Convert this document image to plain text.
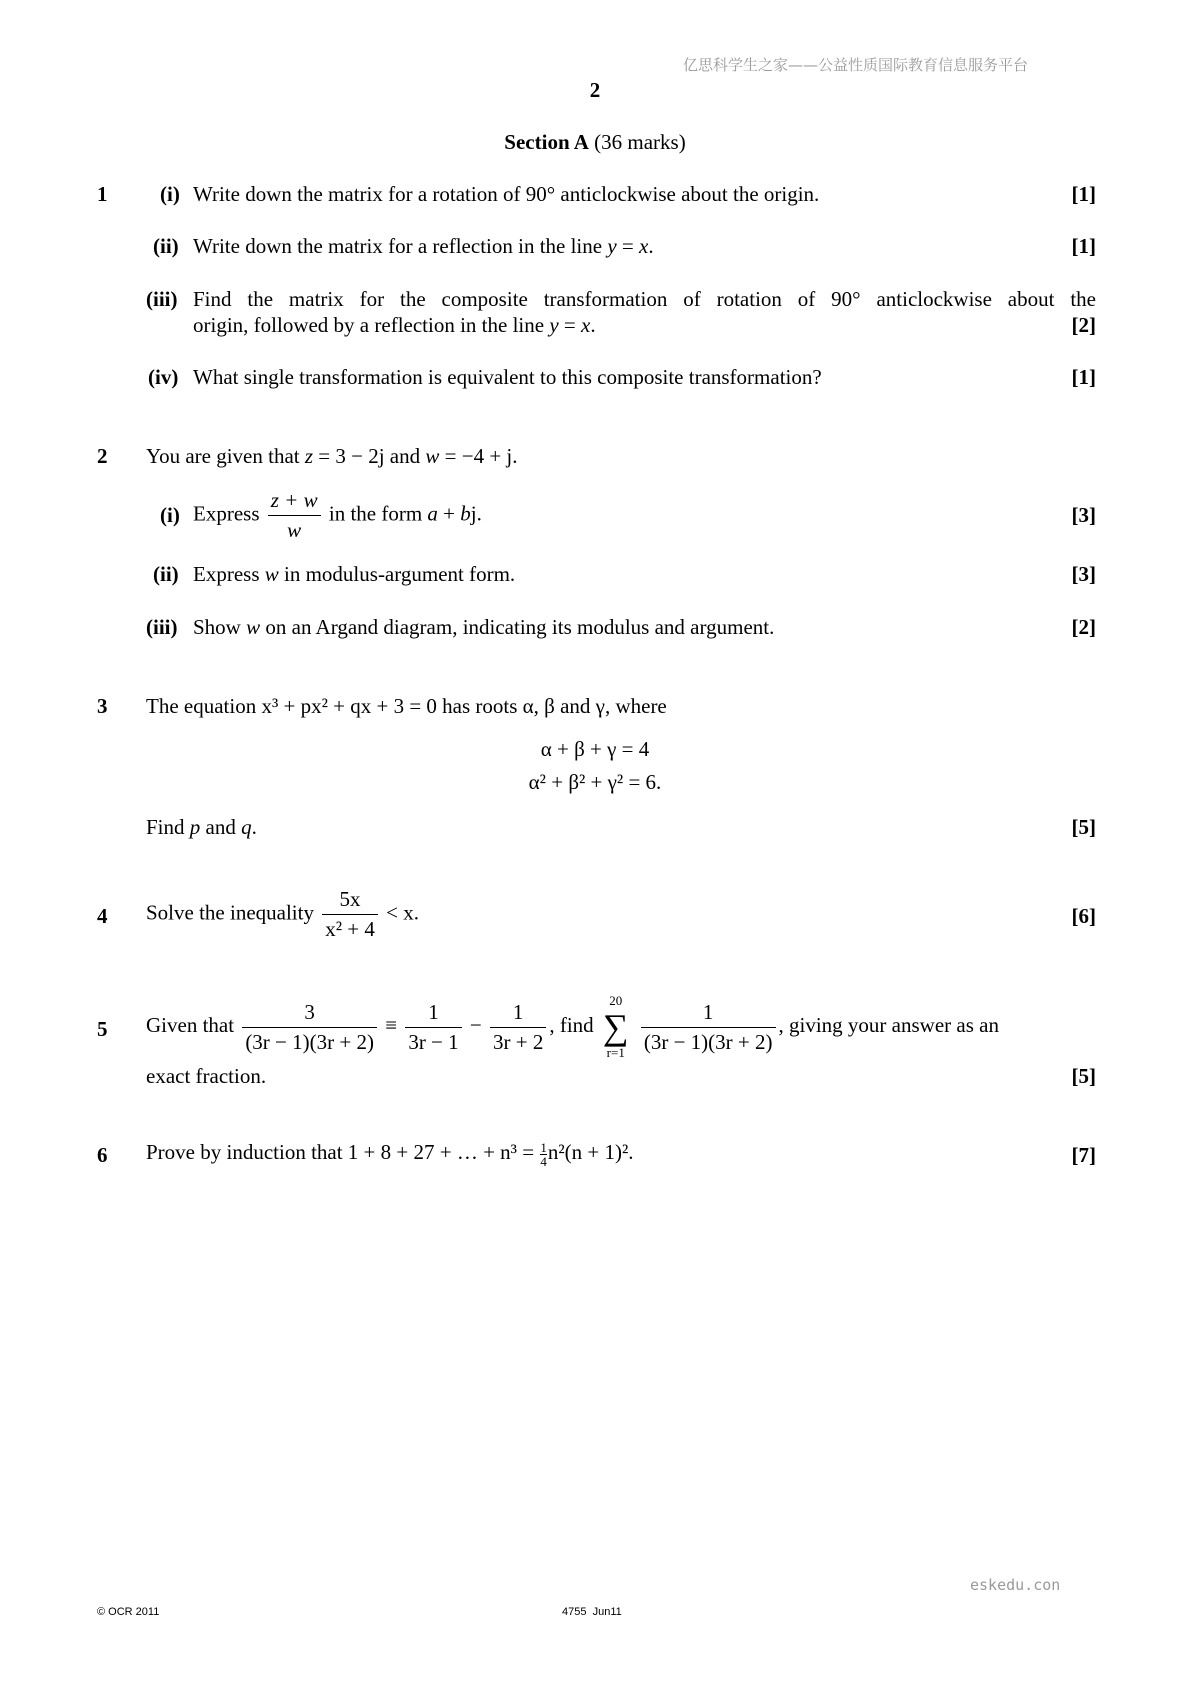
亿思科学生之家——公益性质国际教育信息服务平台
2
Section A (36 marks)
1	(i) Write down the matrix for a rotation of 90° anticlockwise about the origin.	[1]
(ii) Write down the matrix for a reflection in the line y = x.	[1]
(iii) Find the matrix for the composite transformation of rotation of 90° anticlockwise about the
origin, followed by a reflection in the line y = x.	[2]
(iv) What single transformation is equivalent to this composite transformation?	[1]
2 You are given that z = 3 − 2j and w = −4 + j.
(i) Express $\frac{z + w}{w}$ in the form a + bj.	[3]
(ii) Express w in modulus-argument form.	[3]
(iii) Show w on an Argand diagram, indicating its modulus and argument.	[2]
3 The equation x³ + px² + qx + 3 = 0 has roots α, β and γ, where
α + β + γ = 4
α² + β² + γ² = 6.
Find p and q.	[5]
4 Solve the inequality $\frac{5x}{\text{x² + 4}} < x$.	[6]
5 Given that $\frac{3}{(3r - 1)(3r + 2)} \equiv \frac{1}{3r - 1} - \frac{1}{3r + 2}$ , find
20
∑
r=1
$\frac{1}{(3r - 1)(3r + 2)}$ , giving your answer as an
exact fraction.	[5]
6 Prove by induction that 1 + 8 + 27 + … + $n^3 = \frac{1}{4} n^2(n + 1)^2$.	[7]
eskedu.con
© OCR 2011	4755  Jun11
